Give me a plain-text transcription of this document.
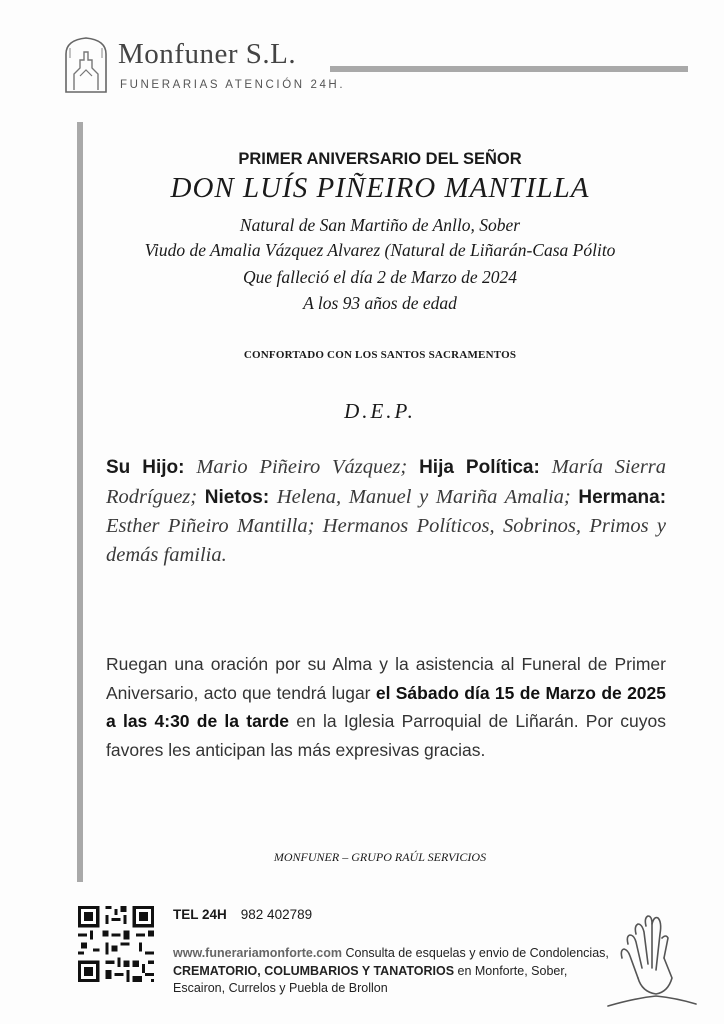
Monfuner S.L.
FUNERARIAS ATENCIÓN 24H.
PRIMER ANIVERSARIO DEL SEÑOR
DON LUÍS PIÑEIRO MANTILLA
Natural de San Martiño de Anllo, Sober
Viudo de Amalia Vázquez Alvarez (Natural de Liñarán-Casa Pólito
Que falleció el día 2 de Marzo de 2024
A los 93 años de edad
CONFORTADO CON LOS SANTOS SACRAMENTOS
D.E.P.
Su Hijo: Mario Piñeiro Vázquez; Hija Política: María Sierra Rodríguez; Nietos: Helena, Manuel y Mariña Amalia; Hermana: Esther Piñeiro Mantilla; Hermanos Políticos, Sobrinos, Primos y demás familia.
Ruegan una oración por su Alma y la asistencia al Funeral de Primer Aniversario, acto que tendrá lugar el Sábado día 15 de Marzo de 2025 a las 4:30 de la tarde en la Iglesia Parroquial de Liñarán. Por cuyos favores les anticipan las más expresivas gracias.
MONFUNER – GRUPO RAÚL SERVICIOS
TEL 24H 982 402789
www.funerariamonforte.com Consulta de esquelas y envio de Condolencias, CREMATORIO, COLUMBARIOS Y TANATORIOS en Monforte, Sober, Escairon, Currelos y Puebla de Brollon
